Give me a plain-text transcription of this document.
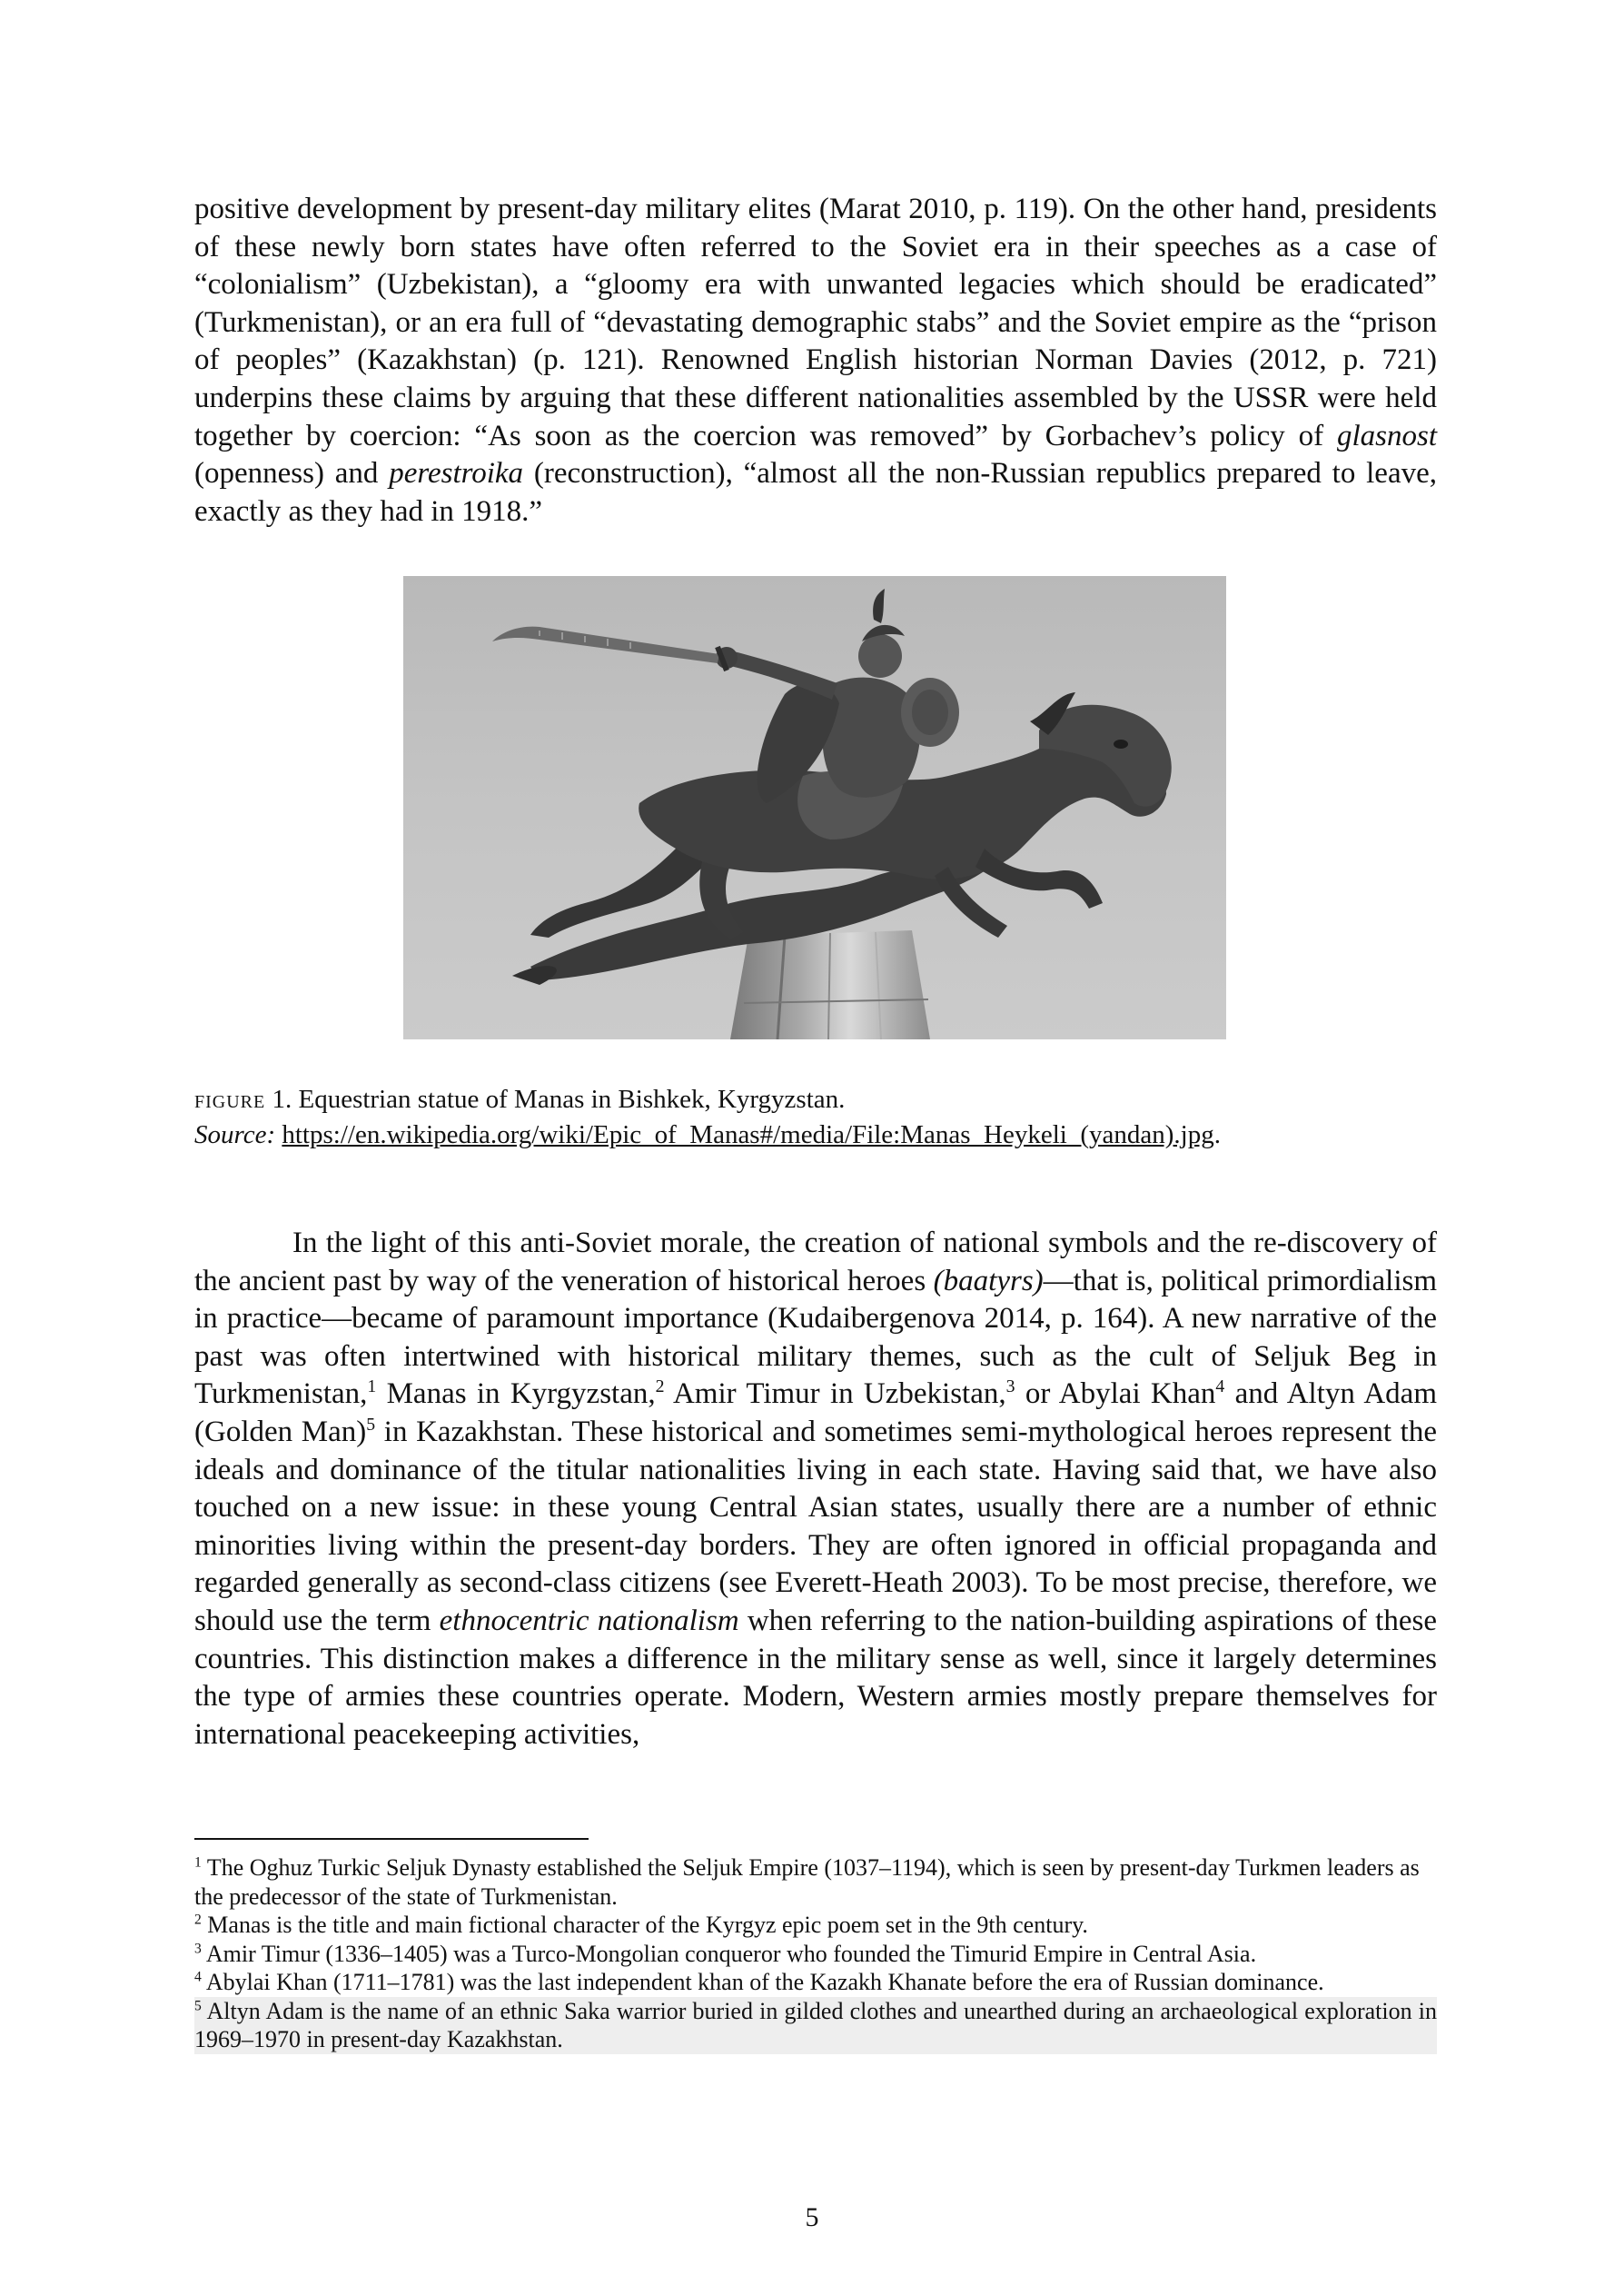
positive development by present-day military elites (Marat 2010, p. 119). On the other hand, presidents of these newly born states have often referred to the Soviet era in their speeches as a case of “colonialism” (Uzbekistan), a “gloomy era with unwanted legacies which should be eradicated” (Turkmenistan), or an era full of “devastating demographic stabs” and the Soviet empire as the “prison of peoples” (Kazakhstan) (p. 121). Renowned English historian Norman Davies (2012, p. 721) underpins these claims by arguing that these different nationalities assembled by the USSR were held together by coercion: “As soon as the coercion was removed” by Gorbachev’s policy of glasnost (openness) and perestroika (reconstruction), “almost all the non-Russian republics prepared to leave, exactly as they had in 1918.”

FIGURE 1. Equestrian statue of Manas in Bishkek, Kyrgyzstan.
Source: https://en.wikipedia.org/wiki/Epic_of_Manas#/media/File:Manas_Heykeli_(yandan).jpg.

In the light of this anti-Soviet morale, the creation of national symbols and the re-discovery of the ancient past by way of the veneration of historical heroes (baatyrs)—that is, political primordialism in practice—became of paramount importance (Kudaibergenova 2014, p. 164). A new narrative of the past was often intertwined with historical military themes, such as the cult of Seljuk Beg in Turkmenistan,$^1$ Manas in Kyrgyzstan,$^2$ Amir Timur in Uzbekistan,$^3$ or Abylai Khan$^4$ and Altyn Adam (Golden Man)$^5$ in Kazakhstan. These historical and sometimes semi-mythological heroes represent the ideals and dominance of the titular nationalities living in each state. Having said that, we have also touched on a new issue: in these young Central Asian states, usually there are a number of ethnic minorities living within the present-day borders. They are often ignored in official propaganda and regarded generally as second-class citizens (see Everett-Heath 2003). To be most precise, therefore, we should use the term ethnocentric nationalism when referring to the nation-building aspirations of these countries. This distinction makes a difference in the military sense as well, since it largely determines the type of armies these countries operate. Modern, Western armies mostly prepare themselves for international peacekeeping activities,

$^1$ The Oghuz Turkic Seljuk Dynasty established the Seljuk Empire (1037–1194), which is seen by present-day Turkmen leaders as the predecessor of the state of Turkmenistan.

$^2$ Manas is the title and main fictional character of the Kyrgyz epic poem set in the 9th century.

$^3$ Amir Timur (1336–1405) was a Turco-Mongolian conqueror who founded the Timurid Empire in Central Asia.

$^4$ Abylai Khan (1711–1781) was the last independent khan of the Kazakh Khanate before the era of Russian dominance.

$^5$ Altyn Adam is the name of an ethnic Saka warrior buried in gilded clothes and unearthed during an archaeological exploration in 1969–1970 in present-day Kazakhstan.

5
